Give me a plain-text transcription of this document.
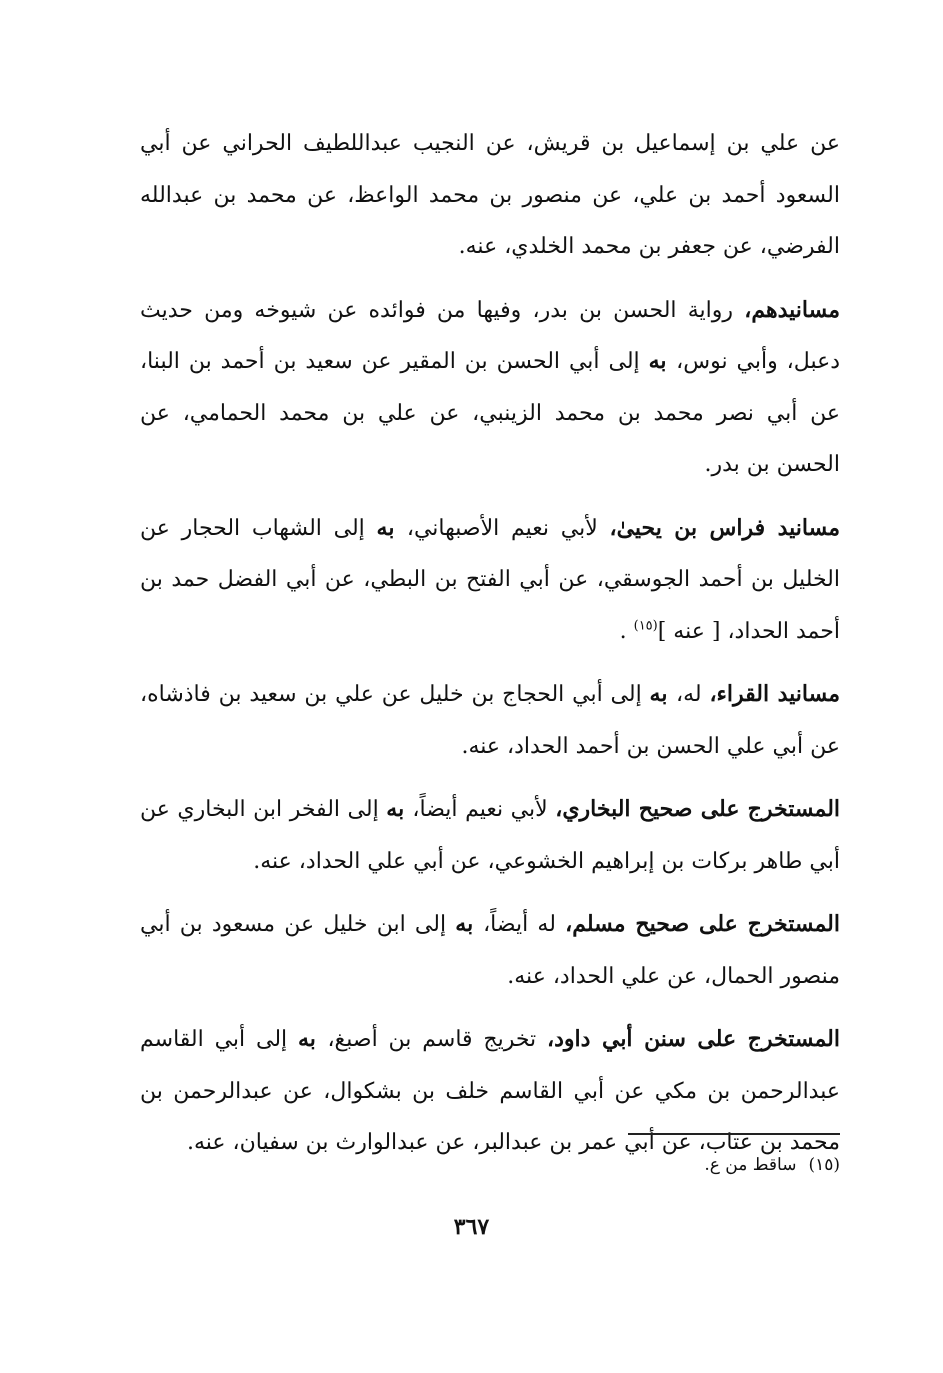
عن علي بن إسماعيل بن قريش، عن النجيب عبداللطيف الحراني عن أبي السعود أحمد بن علي، عن منصور بن محمد الواعظ، عن محمد بن عبدالله الفرضي، عن جعفر بن محمد الخلدي، عنه.

مسانيدهم، رواية الحسن بن بدر، وفيها من فوائده عن شيوخه ومن حديث دعبل، وأبي نوس، به إلى أبي الحسن بن المقير عن سعيد بن أحمد بن البنا، عن أبي نصر محمد بن محمد الزينبي، عن علي بن محمد الحمامي، عن الحسن بن بدر.

مسانيد فراس بن يحيىٰ، لأبي نعيم الأصبهاني، به إلى الشهاب الحجار عن الخليل بن أحمد الجوسقي، عن أبي الفتح بن البطي، عن أبي الفضل حمد بن أحمد الحداد، [ عنه ]$^{(١٥)}$ .

مسانيد القراء، له، به إلى أبي الحجاج بن خليل عن علي بن سعيد بن فاذشاه، عن أبي علي الحسن بن أحمد الحداد، عنه.

المستخرج على صحيح البخاري، لأبي نعيم أيضاً، به إلى الفخر ابن البخاري عن أبي طاهر بركات بن إبراهيم الخشوعي، عن أبي علي الحداد، عنه.

المستخرج على صحيح مسلم، له أيضاً، به إلى ابن خليل عن مسعود بن أبي منصور الحمال، عن علي الحداد، عنه.

المستخرج على سنن أبي داود، تخريج قاسم بن أصبغ، به إلى أبي القاسم عبدالرحمن بن مكي عن أبي القاسم خلف بن بشكوال، عن عبدالرحمن بن محمد بن عتاب، عن أبي عمر بن عبدالبر، عن عبدالوارث بن سفيان، عنه.

(١٥)ساقط من ع.
٣٦٧
